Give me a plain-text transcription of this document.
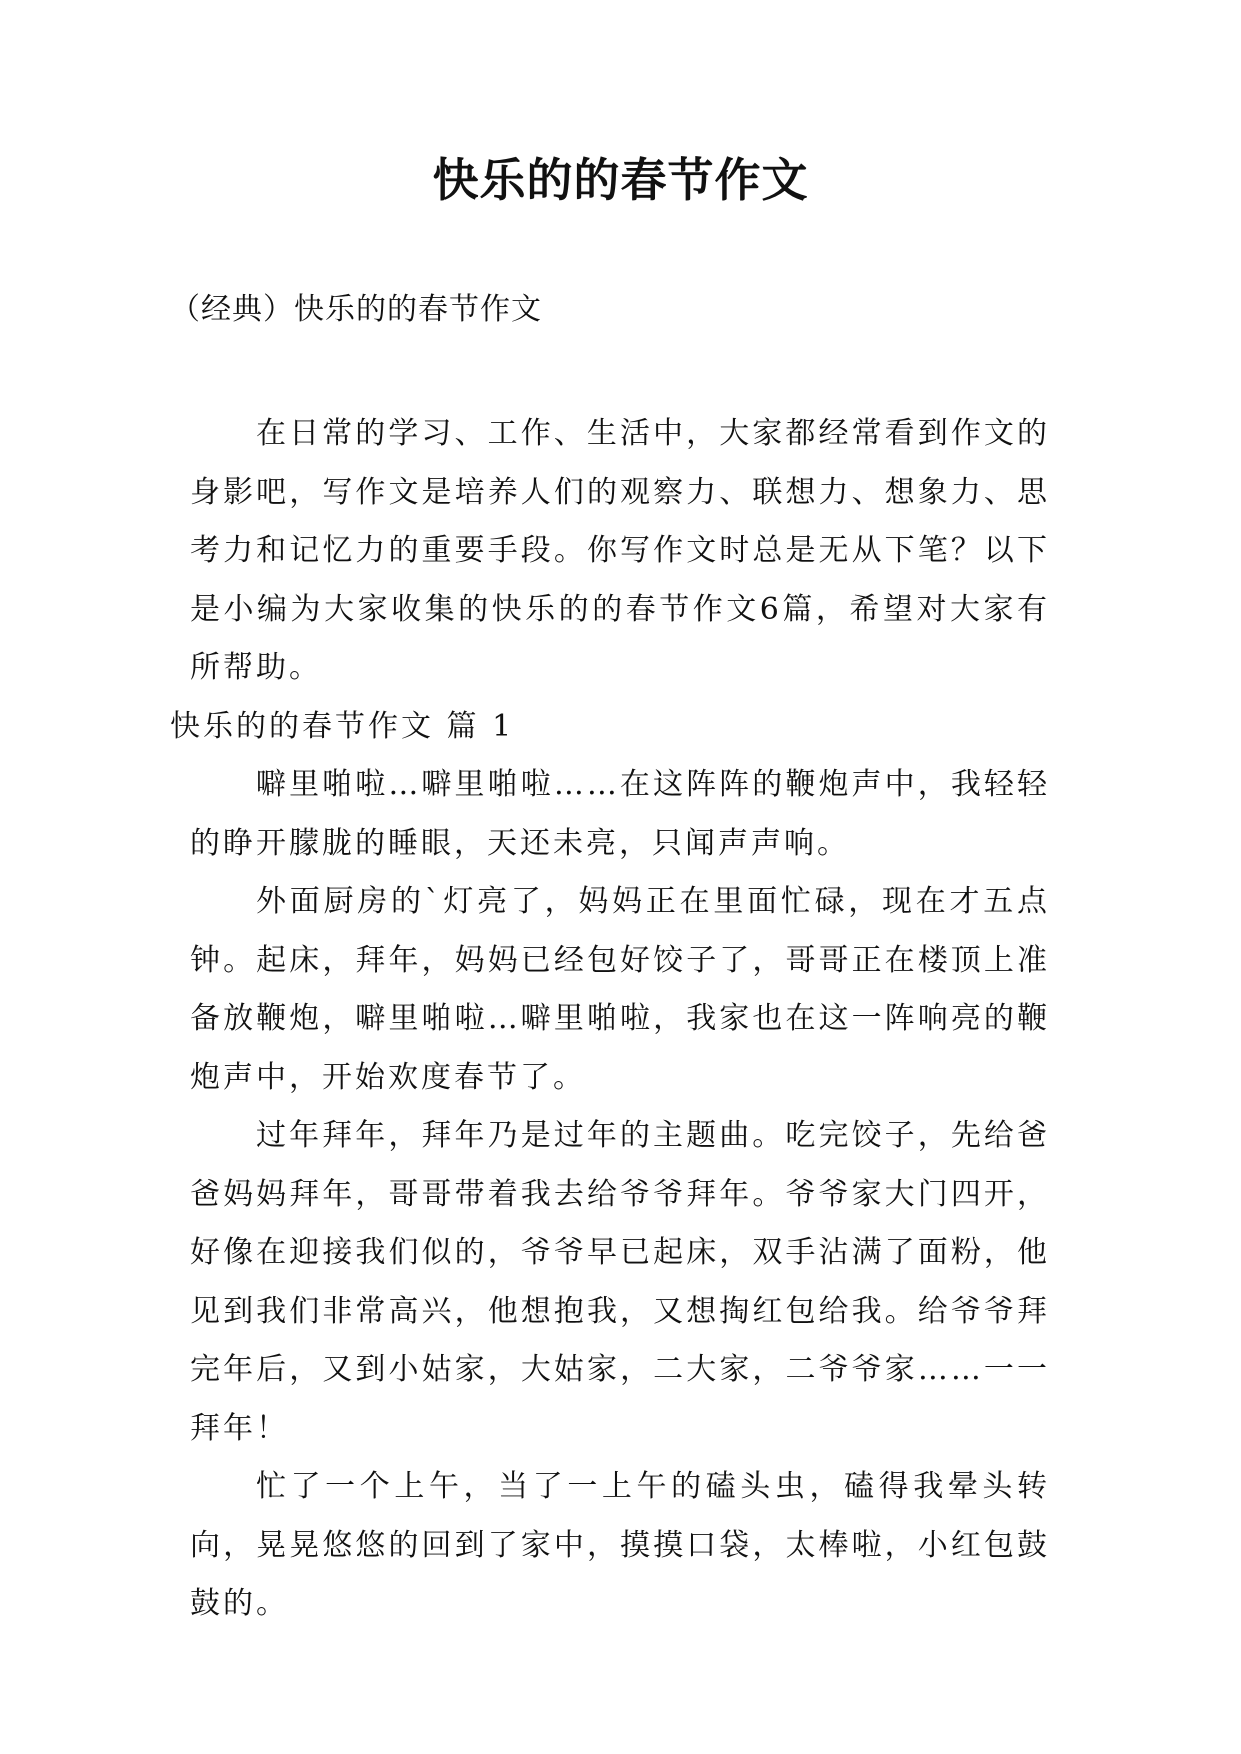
快乐的的春节作文
（经典）快乐的的春节作文

在日常的学习、工作、生活中，大家都经常看到作文的身影吧，写作文是培养人们的观察力、联想力、想象力、思考力和记忆力的重要手段。你写作文时总是无从下笔？以下是小编为大家收集的快乐的的春节作文6篇，希望对大家有所帮助。

快乐的的春节作文 篇 1

噼里啪啦…噼里啪啦……在这阵阵的鞭炮声中，我轻轻的睁开朦胧的睡眼，天还未亮，只闻声声响。

外面厨房的`灯亮了，妈妈正在里面忙碌，现在才五点钟。起床，拜年，妈妈已经包好饺子了，哥哥正在楼顶上准备放鞭炮，噼里啪啦…噼里啪啦，我家也在这一阵响亮的鞭炮声中，开始欢度春节了。

过年拜年，拜年乃是过年的主题曲。吃完饺子，先给爸爸妈妈拜年，哥哥带着我去给爷爷拜年。爷爷家大门四开，好像在迎接我们似的，爷爷早已起床，双手沾满了面粉，他见到我们非常高兴，他想抱我，又想掏红包给我。给爷爷拜完年后，又到小姑家，大姑家，二大家，二爷爷家……一一拜年！

忙了一个上午，当了一上午的磕头虫，磕得我晕头转向，晃晃悠悠的回到了家中，摸摸口袋，太棒啦，小红包鼓鼓的。
